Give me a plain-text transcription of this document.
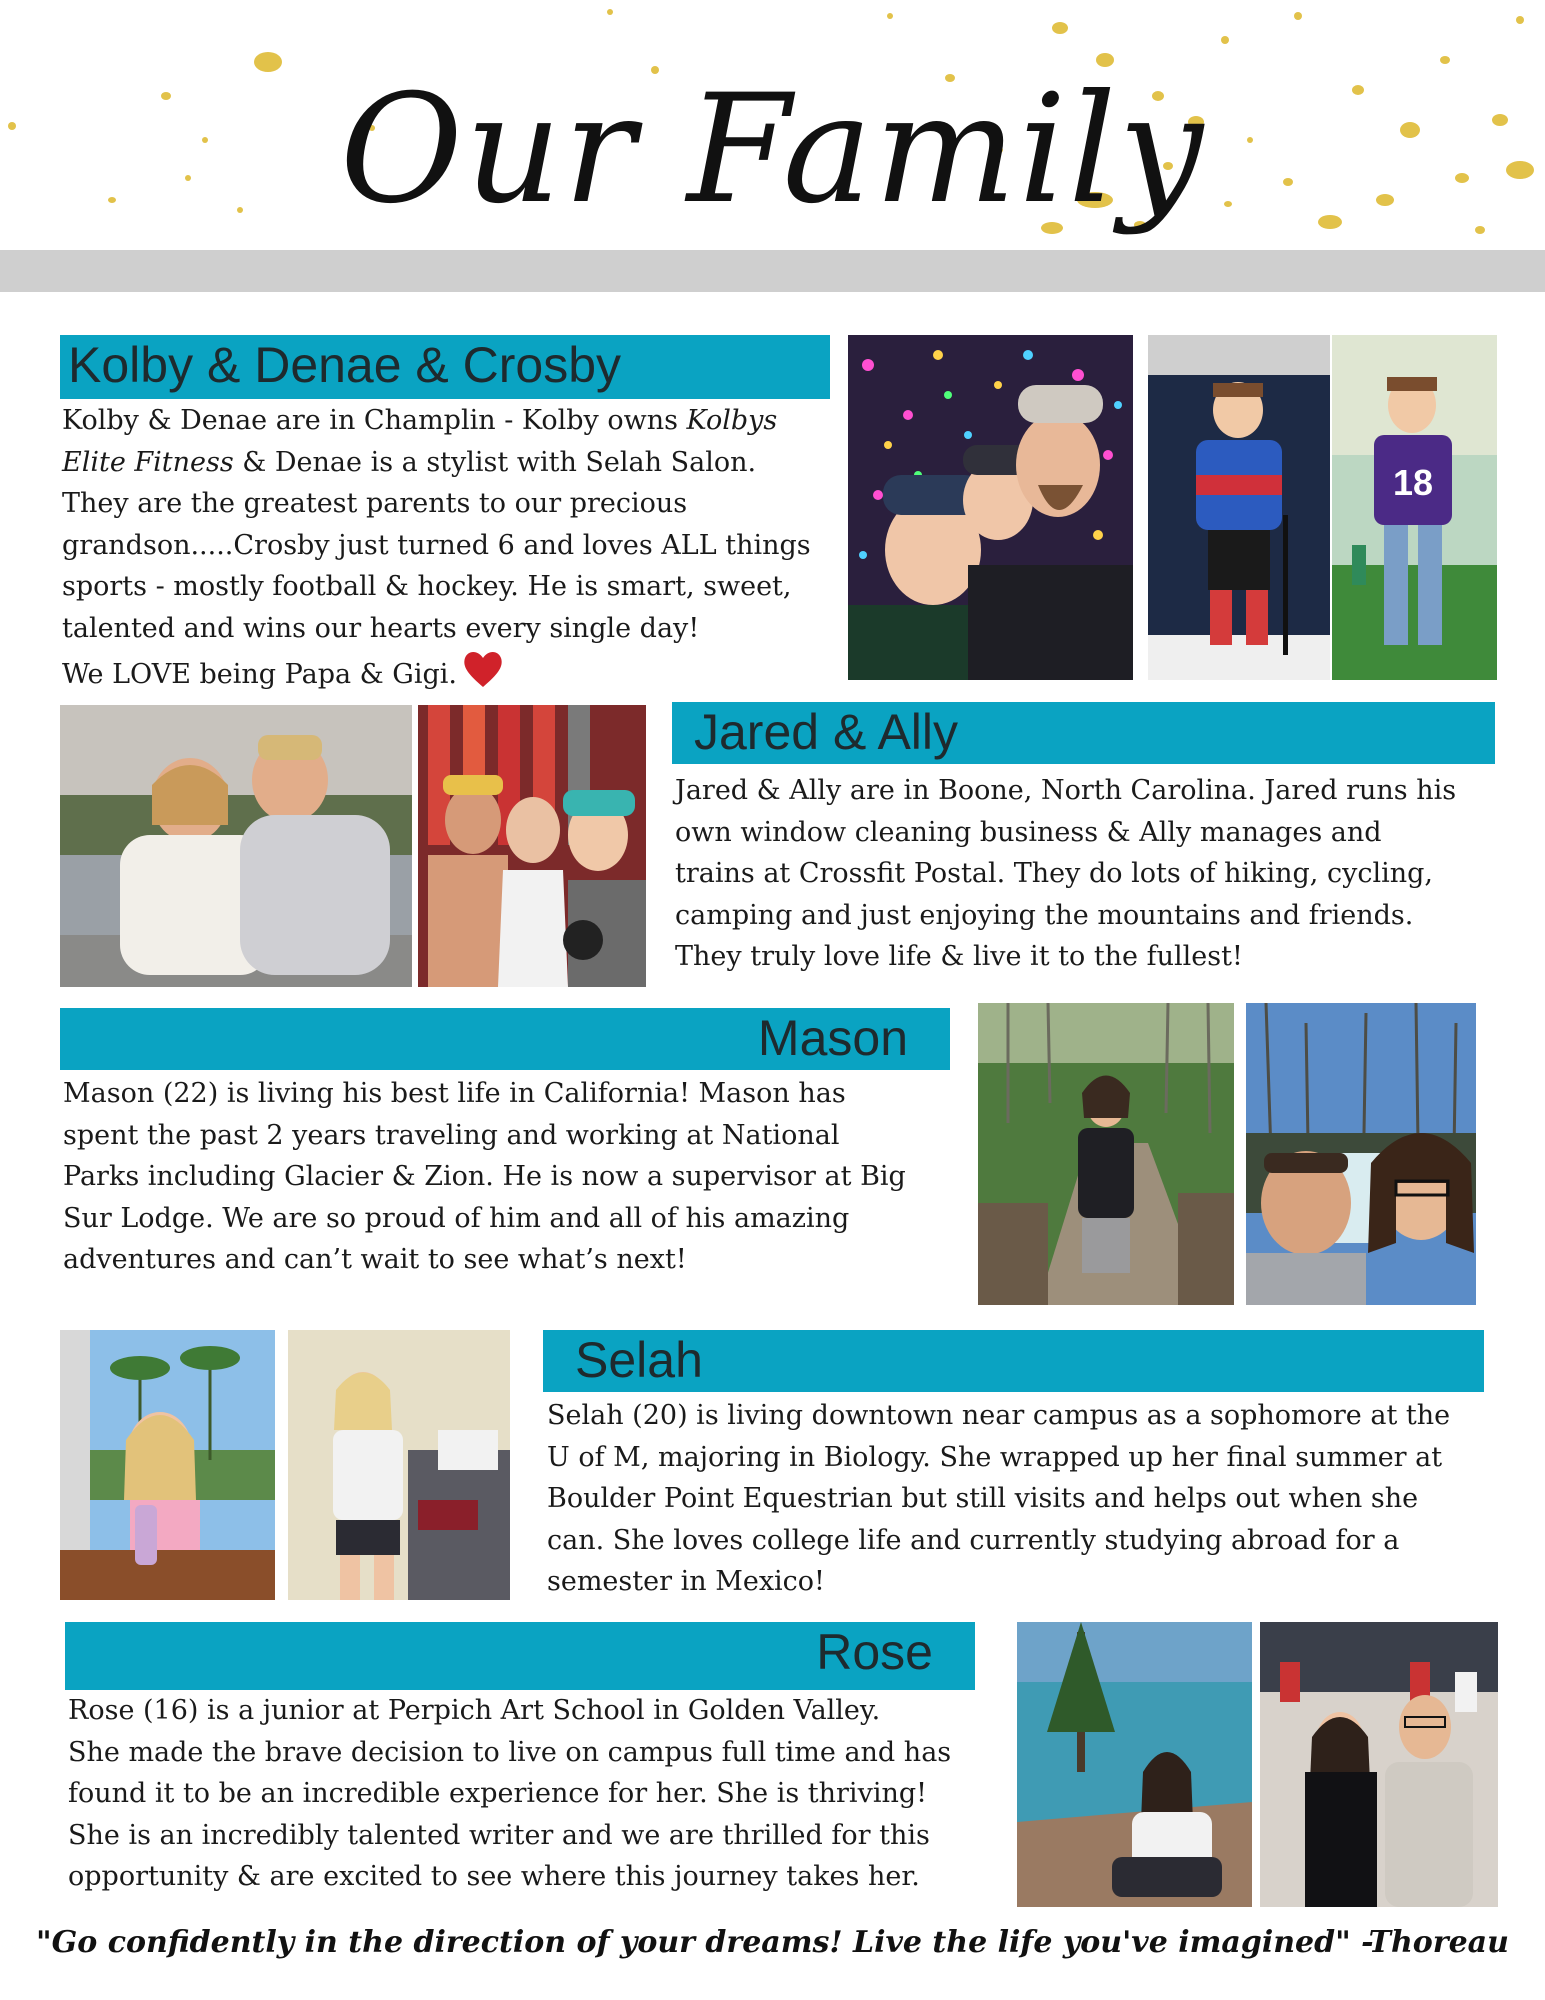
Our Family
Kolby & Denae & Crosby

Kolby & Denae are in Champlin - Kolby owns Kolbys

Elite Fitness & Denae is a stylist with Selah Salon.

They are the greatest parents to our precious

grandson.....Crosby just turned 6 and loves ALL things

sports - mostly football & hockey. He is smart, sweet,

talented and wins our hearts every single day!

We LOVE being Papa & Gigi.

18
Jared & Ally

Jared & Ally are in Boone, North Carolina. Jared runs his

own window cleaning business & Ally manages and

trains at Crossfit Postal. They do lots of hiking, cycling,

camping and just enjoying the mountains and friends.

They truly love life & live it to the fullest!

Mason

Mason (22) is living his best life in California! Mason has

spent the past 2 years traveling and working at National

Parks including Glacier & Zion. He is now a supervisor at Big

Sur Lodge. We are so proud of him and all of his amazing

adventures and can’t wait to see what’s next!

Selah

Selah (20) is living downtown near campus as a sophomore at the

U of M, majoring in Biology. She wrapped up her final summer at

Boulder Point Equestrian but still visits and helps out when she

can. She loves college life and currently studying abroad for a

semester in Mexico!

Rose

Rose (16) is a junior at Perpich Art School in Golden Valley.

She made the brave decision to live on campus full time and has

found it to be an incredible experience for her. She is thriving!

She is an incredibly talented writer and we are thrilled for this

opportunity & are excited to see where this journey takes her.

"Go confidently in the direction of your dreams! Live the life you've imagined" -Thoreau
